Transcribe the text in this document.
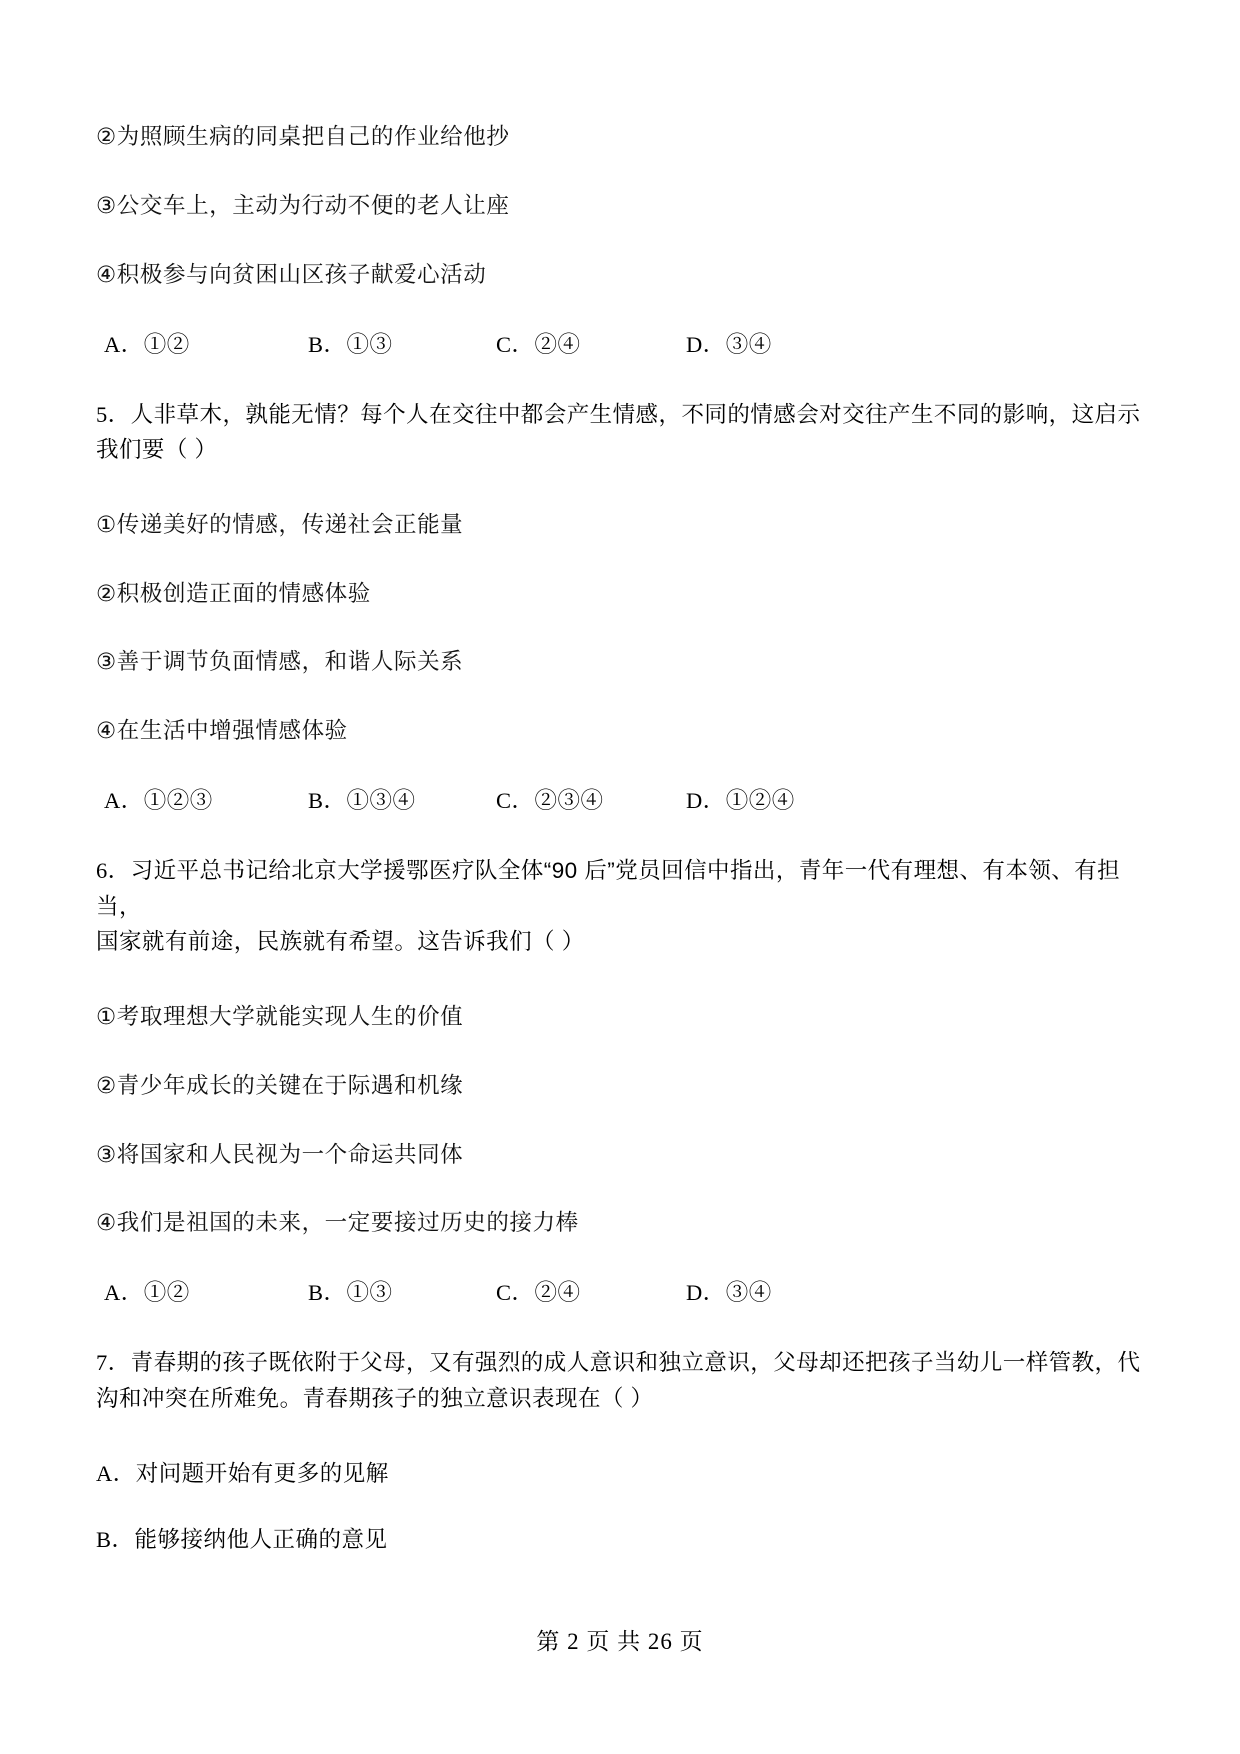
②为照顾生病的同桌把自己的作业给他抄

③公交车上，主动为行动不便的老人让座

④积极参与向贫困山区孩子献爱心活动

A．①②	B．①③	C．②④	D．③④

5．人非草木，孰能无情？每个人在交往中都会产生情感，不同的情感会对交往产生不同的影响，这启示
我们要（ ）

①传递美好的情感，传递社会正能量

②积极创造正面的情感体验

③善于调节负面情感，和谐人际关系

④在生活中增强情感体验

A．①②③	B．①③④	C．②③④	D．①②④

6．习近平总书记给北京大学援鄂医疗队全体“90 后”党员回信中指出，青年一代有理想、有本领、有担当，
国家就有前途，民族就有希望。这告诉我们（ ）

①考取理想大学就能实现人生的价值

②青少年成长的关键在于际遇和机缘

③将国家和人民视为一个命运共同体

④我们是祖国的未来，一定要接过历史的接力棒

A．①②	B．①③	C．②④	D．③④

7．青春期的孩子既依附于父母，又有强烈的成人意识和独立意识，父母却还把孩子当幼儿一样管教，代
沟和冲突在所难免。青春期孩子的独立意识表现在（ ）

A．对问题开始有更多的见解

B．能够接纳他人正确的意见

第 2 页 共 26 页
